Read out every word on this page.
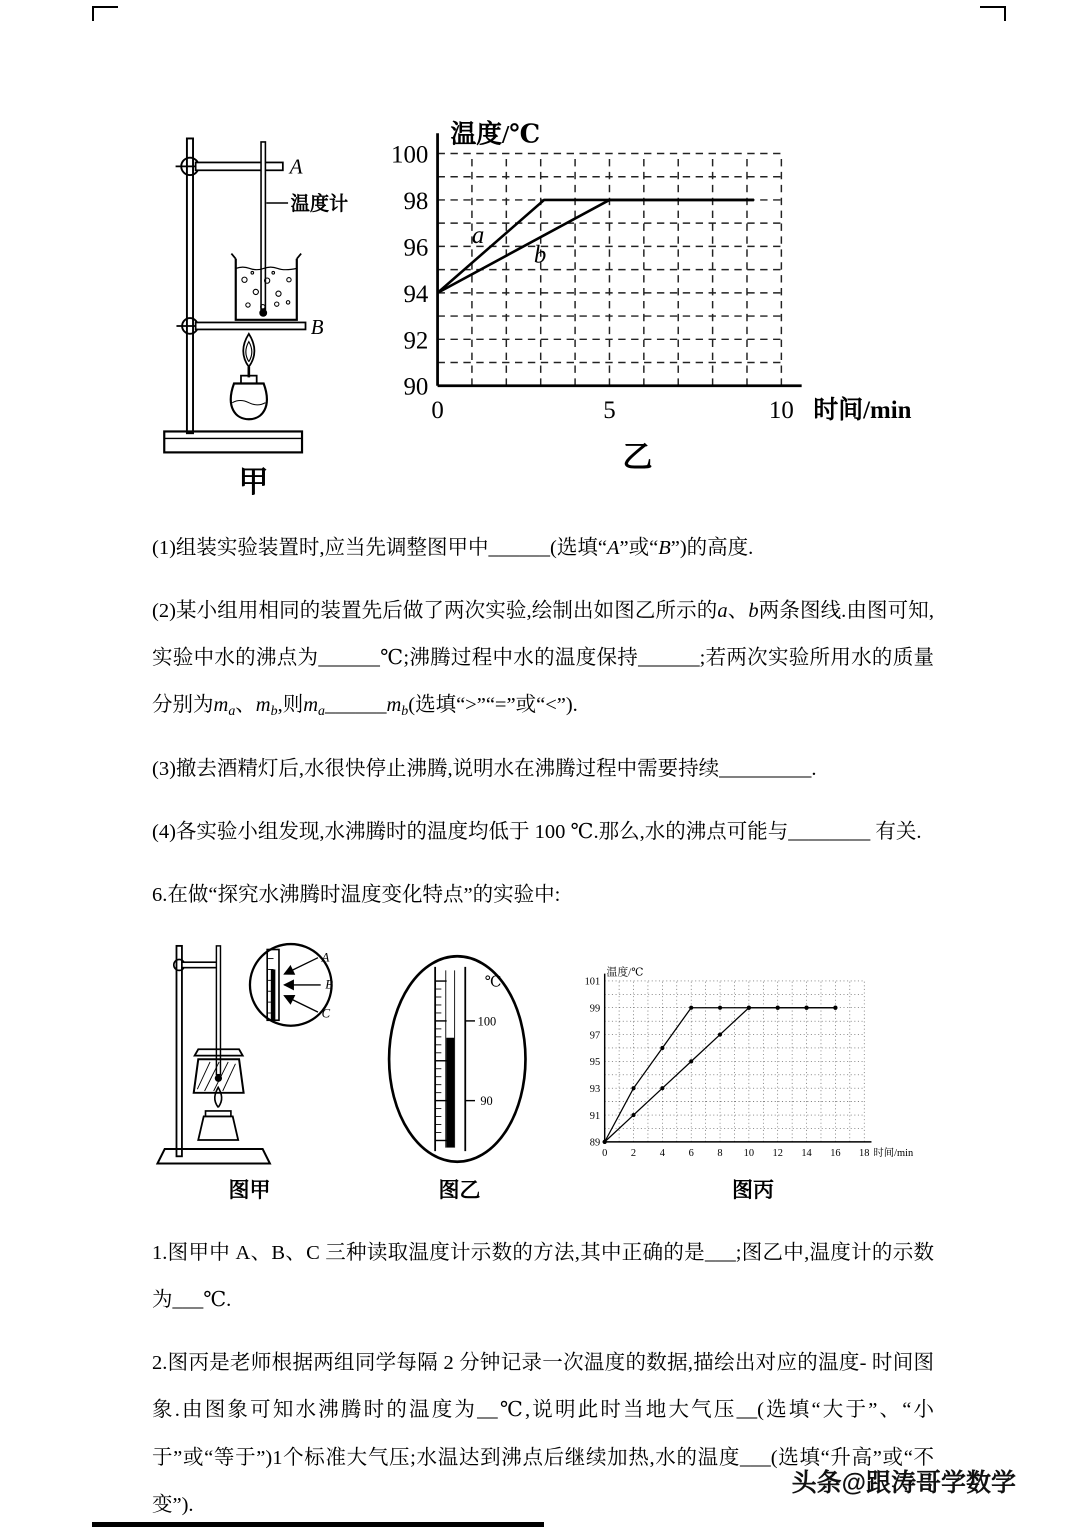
A
B
温度计
甲
90
92
94
96
98
100
0	5	10
温度/℃
时间/min
a
b
乙

(1)组装实验装置时,应当先调整图甲中______(选填“A”或“B”)的高度.

(2)某小组用相同的装置先后做了两次实验,绘制出如图乙所示的a、b两条图线.由图可知,实验中水的沸点为______℃;沸腾过程中水的温度保持______;若两次实验所用水的质量分别为$m_a$、$m_b$,则$m_a\_\_\_\_\_\_m_b$(选填“>”“=”或“<”).

(3)撤去酒精灯后,水很快停止沸腾,说明水在沸腾过程中需要持续_________.

(4)各实验小组发现,水沸腾时的温度均低于 100 ℃.那么,水的沸点可能与________ 有关.

6.在做“探究水沸腾时温度变化特点”的实验中:

A
B
C
图甲
℃
100
90
图乙
89
91
93
95
97
99
101
0 2 4 6 8 10 12 14 16 18
温度/℃
时间/min
图丙

1.图甲中 A、B、C 三种读取温度计示数的方法,其中正确的是___;图乙中,温度计的示数为___℃.

2.图丙是老师根据两组同学每隔 2 分钟记录一次温度的数据,描绘出对应的温度- 时间图象.由图象可知水沸腾时的温度为__℃,说明此时当地大气压__(选填“大于”、“小于”或“等于”)1个标准大气压;水温达到沸点后继续加热,水的温度___(选填“升高”或“不变”).

头条@跟涛哥学数学
